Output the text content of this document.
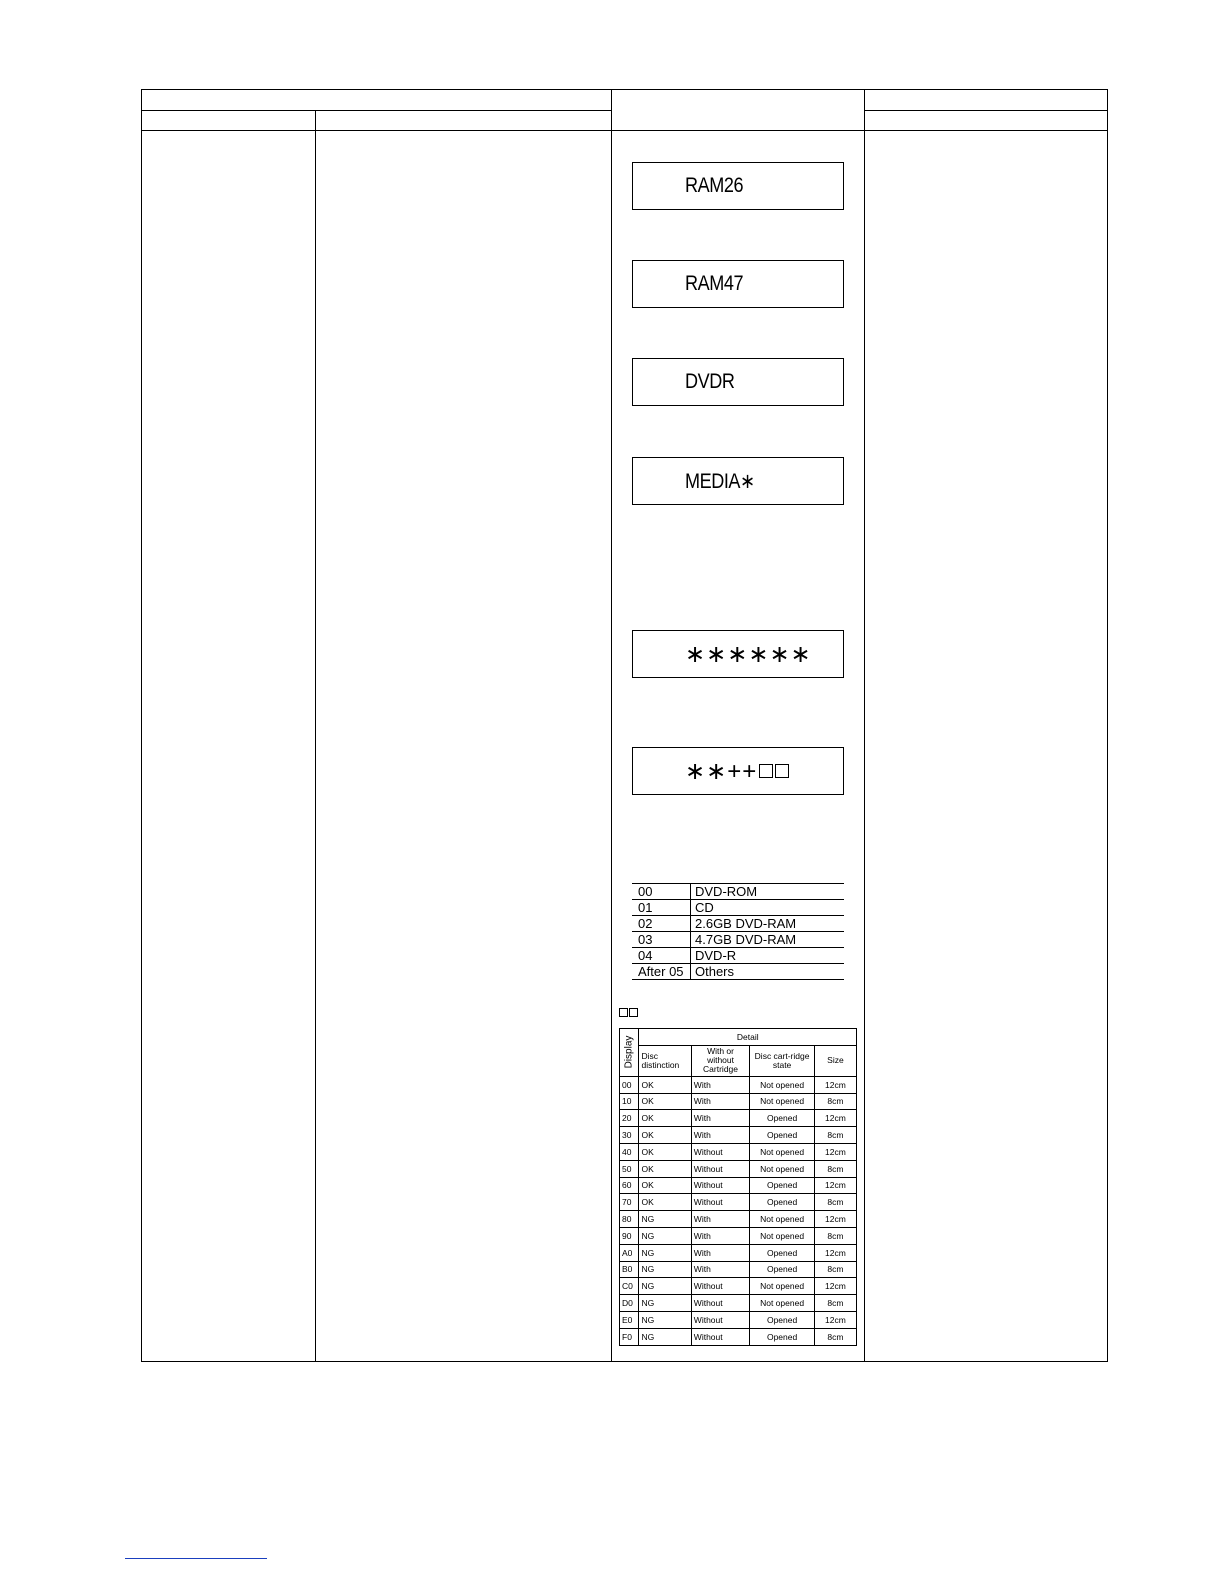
RAM26
RAM47
DVDR
MEDIA∗
∗∗∗∗∗∗
∗∗++
00	DVD-ROM
01	CD
02	2.6GB DVD-RAM
03	4.7GB DVD-RAM
04	DVD-R
After 05	Others
Display	Detail			
	Disc distinction	With or without Cartridge	Disc cart-ridge state	Size
00	OK	With	Not opened	12cm
10	OK	With	Not opened	8cm
20	OK	With	Opened	12cm
30	OK	With	Opened	8cm
40	OK	Without	Not opened	12cm
50	OK	Without	Not opened	8cm
60	OK	Without	Opened	12cm
70	OK	Without	Opened	8cm
80	NG	With	Not opened	12cm
90	NG	With	Not opened	8cm
A0	NG	With	Opened	12cm
B0	NG	With	Opened	8cm
C0	NG	Without	Not opened	12cm
D0	NG	Without	Not opened	8cm
E0	NG	Without	Opened	12cm
F0	NG	Without	Opened	8cm
